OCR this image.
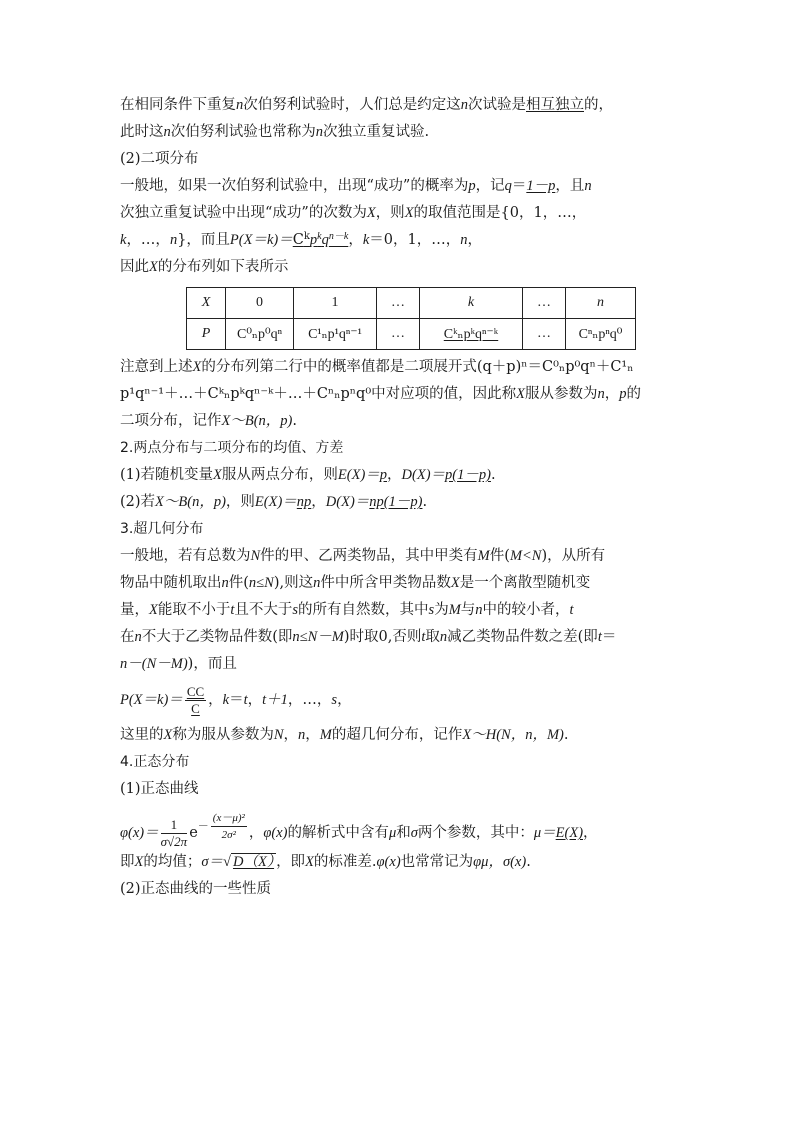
在相同条件下重复n次伯努利试验时，人们总是约定这n次试验是相互独立的，

此时这n次伯努利试验也常称为n次独立重复试验.

(2)二项分布

一般地，如果一次伯努利试验中，出现“成功”的概率为p，记q＝1－p，且n

次独立重复试验中出现“成功”的次数为X，则X的取值范围是{0，1，…，

k，…，n}，而且$P(X=k)=C^kp^kq^{n-k}$，k＝0，1，…，n，

因此X的分布列如下表所示

X	0	1	…	k	…	n
P	C⁰ₙp⁰qⁿ	C¹ₙp¹qⁿ⁻¹	…	Cᵏₙpᵏqⁿ⁻ᵏ	…	Cⁿₙpⁿq⁰

注意到上述X的分布列第二行中的概率值都是二项展开式(q＋p)ⁿ＝C⁰ₙp⁰qⁿ＋C¹ₙ

p¹qⁿ⁻¹＋…＋Cᵏₙpᵏqⁿ⁻ᵏ＋…＋Cⁿₙpⁿq⁰中对应项的值，因此称X服从参数为n，p的

二项分布，记作X～B(n，p).

2.两点分布与二项分布的均值、方差

(1)若随机变量X服从两点分布，则E(X)＝p，D(X)＝p(1－p).

(2)若X～B(n，p)，则E(X)＝np，D(X)＝np(1－p).

3.超几何分布

一般地，若有总数为N件的甲、乙两类物品，其中甲类有M件(M<N)，从所有

物品中随机取出n件(n≤N),则这n件中所含甲类物品数X是一个离散型随机变

量，X能取不小于t且不大于s的所有自然数，其中s为M与n中的较小者，t

在n不大于乙类物品件数(即n≤N－M)时取0,否则t取n减乙类物品件数之差(即t＝

n－(N－M))，而且

$P(X=k)= \frac{CC}{C}$ ，k＝t，t＋1，…，s，

这里的X称为服从参数为N，n，M的超几何分布，记作X～H(N，n，M).

4.正态分布

(1)正态曲线

$\varphi(x)= \frac{1}{\sigma√2\pi} e- \frac{\text{(x－μ)²}}{\text{2σ²}}$ ，φ(x)的解析式中含有μ和σ两个参数，其中：μ＝E(X)，

即X的均值；σ＝√ D（X） ，即X的标准差.φ(x)也常常记为φμ，σ(x).

(2)正态曲线的一些性质
